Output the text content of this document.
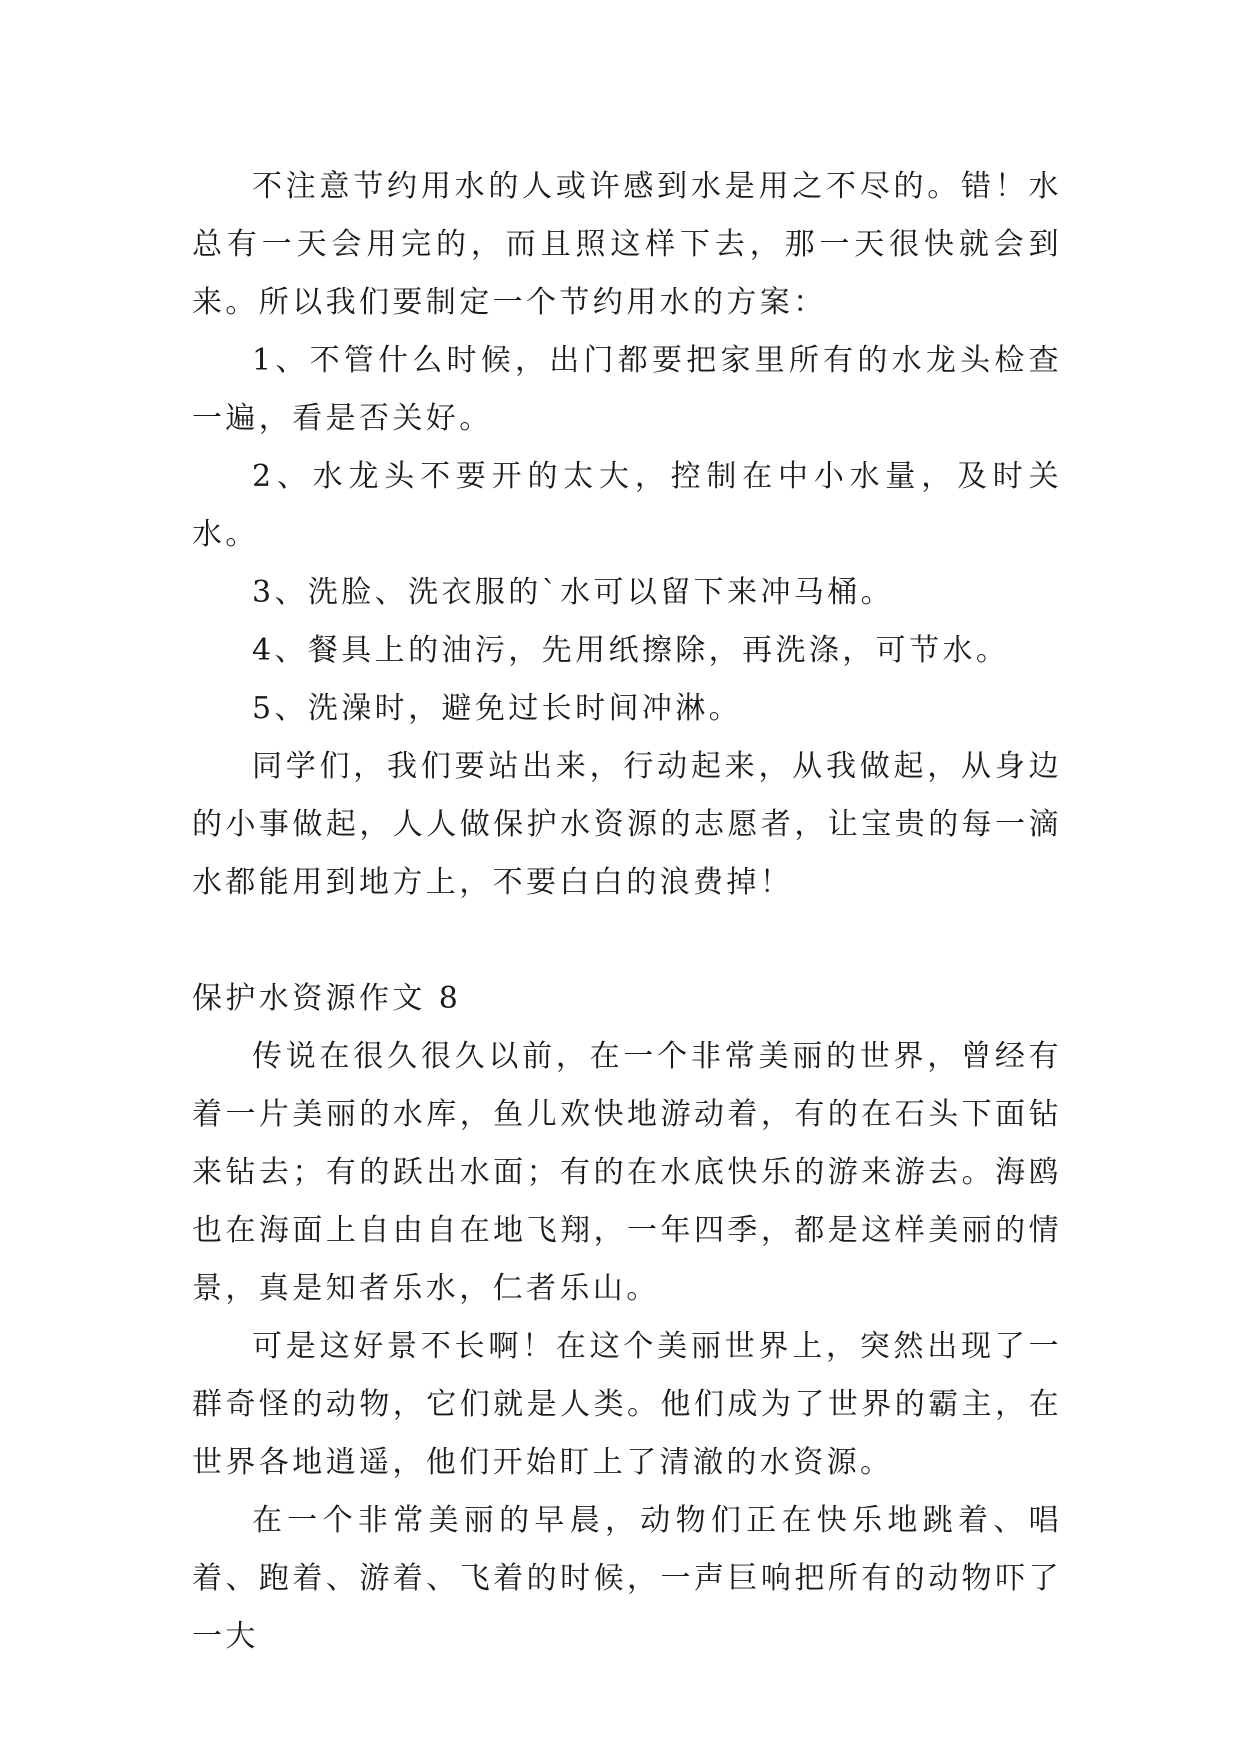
不注意节约用水的人或许感到水是用之不尽的。错！水总有一天会用完的，而且照这样下去，那一天很快就会到来。所以我们要制定一个节约用水的方案：

1、不管什么时候，出门都要把家里所有的水龙头检查一遍，看是否关好。

2、水龙头不要开的太大，控制在中小水量，及时关水。

3、洗脸、洗衣服的`水可以留下来冲马桶。

4、餐具上的油污，先用纸擦除，再洗涤，可节水。

5、洗澡时，避免过长时间冲淋。

同学们，我们要站出来，行动起来，从我做起，从身边的小事做起，人人做保护水资源的志愿者，让宝贵的每一滴水都能用到地方上，不要白白的浪费掉！

保护水资源作文 8

传说在很久很久以前，在一个非常美丽的世界，曾经有着一片美丽的水库，鱼儿欢快地游动着，有的在石头下面钻来钻去；有的跃出水面；有的在水底快乐的游来游去。海鸥也在海面上自由自在地飞翔，一年四季，都是这样美丽的情景，真是知者乐水，仁者乐山。

可是这好景不长啊！在这个美丽世界上，突然出现了一群奇怪的动物，它们就是人类。他们成为了世界的霸主，在世界各地逍遥，他们开始盯上了清澈的水资源。

在一个非常美丽的早晨，动物们正在快乐地跳着、唱着、跑着、游着、飞着的时候，一声巨响把所有的动物吓了一大
